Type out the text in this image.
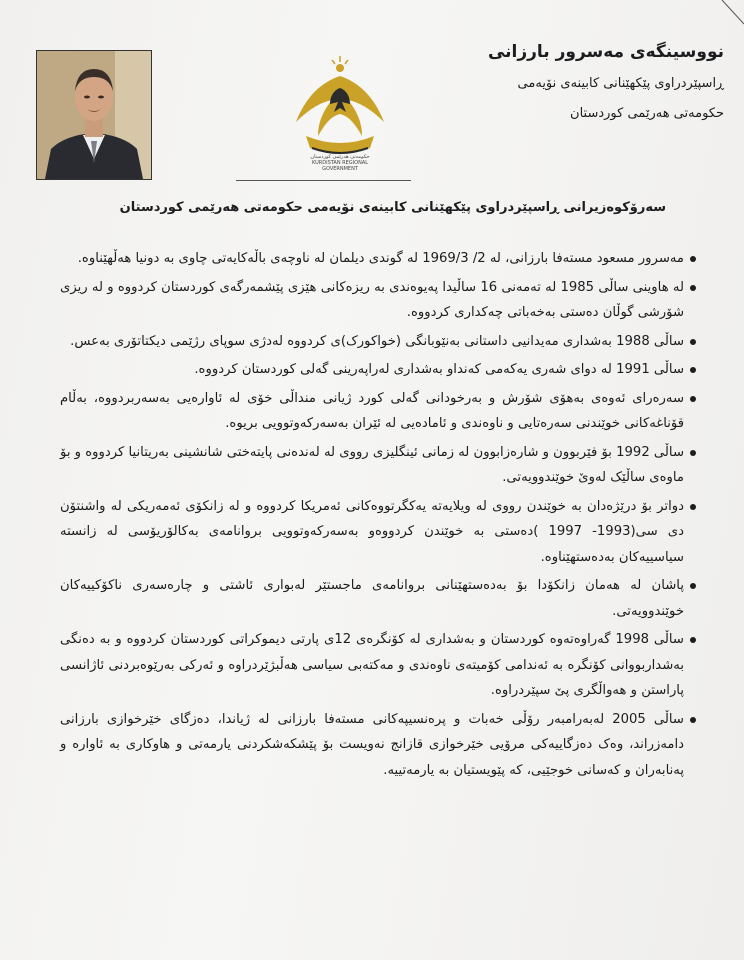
حکومەتی هەرێمی کوردستان
KURDISTAN REGIONAL GOVERNMENT
نووسینگەی مەسرور بارزانی
ڕاسپێردراوی پێکهێنانی کابینەی نۆیەمی
حکومەتی هەرێمی کوردستان
سەرۆکوەزیرانی ڕاسپێردراوی پێکهێنانی کابینەی نۆیەمی حکومەتی هەرێمی کوردستان
مەسرور مسعود مستەفا بارزانی، لە 2/ 1969/3 لە گوندی دیلمان لە ناوچەی باڵەکایەتی چاوی بە دونیا هەڵهێناوە.
لە هاوینی ساڵی 1985 لە تەمەنی 16 ساڵیدا پەیوەندی بە ریزەکانی هێزی پێشمەرگەی کوردستان کردووە و لە ریزی شۆرشی گوڵان دەستی بەخەباتی چەکداری کردووە.
ساڵی 1988 بەشداری مەیدانیی داستانی بەنێوبانگی (خواکورک)ی کردووە لەدژی سوپای رژێمی دیکتاتۆری بەعس.
ساڵی 1991 لە دوای شەری یەکەمی کەنداو بەشداری لەراپەرینی گەلی کوردستان کردووە.
سەرەرای ئەوەی بەهۆی شۆرش و بەرخودانی گەلی کورد ژیانی منداڵی خۆی لە ئاوارەیی بەسەربردووە، بەڵام قۆناغەکانی خوێندنی سەرەتایی و ناوەندی و ئامادەیی لە ئێران بەسەرکەوتوویی بریوە.
ساڵی 1992 بۆ فێربوون و شارەزابوون لە زمانی ئینگلیزی رووی لە لەندەنی پایتەختی شانشینی بەریتانیا کردووە و بۆ ماوەی ساڵێک لەوێ خوێندوویەتی.
دواتر بۆ درێژەدان بە خوێندن رووی لە ویلایەتە یەکگرتووەکانی ئەمریکا کردووە و لە زانکۆی ئەمەریکی لە واشنتۆن دی سی(1993- 1997 )دەستی بە خوێندن کردووەو بەسەرکەوتوویی بروانامەی بەکالۆریۆسی لە زانستە سیاسییەکان بەدەستهێناوە.
پاشان لە هەمان زانکۆدا بۆ بەدەستهێنانی بروانامەی ماجستێر لەبواری ئاشتی و چارەسەری ناکۆکییەکان خوێندوویەتی.
ساڵی 1998 گەراوەتەوە کوردستان و بەشداری لە کۆنگرەی 12ی پارتی دیموکراتی کوردستان کردووە و بە دەنگی بەشداربووانی کۆنگرە بە ئەندامی کۆمیتەی ناوەندی و مەکتەبی سیاسی هەڵبژێردراوە و ئەرکی بەرێوەبردنی ئاژانسی پاراستن و هەواڵگری پێ سپێردراوە.
ساڵی 2005 لەبەرامبەر رۆڵی خەبات و پرەنسیپەکانی مستەفا بارزانی لە ژیاندا، دەزگای خێرخوازی بارزانی دامەزراند، وەک دەزگاییەکی مرۆیی خێرخوازی قازانج نەویست بۆ پێشکەشکردنی یارمەتی و هاوکاری بە ئاوارە و پەنابەران و کەسانی خوجێیی، کە پێویستیان بە یارمەتییە.
